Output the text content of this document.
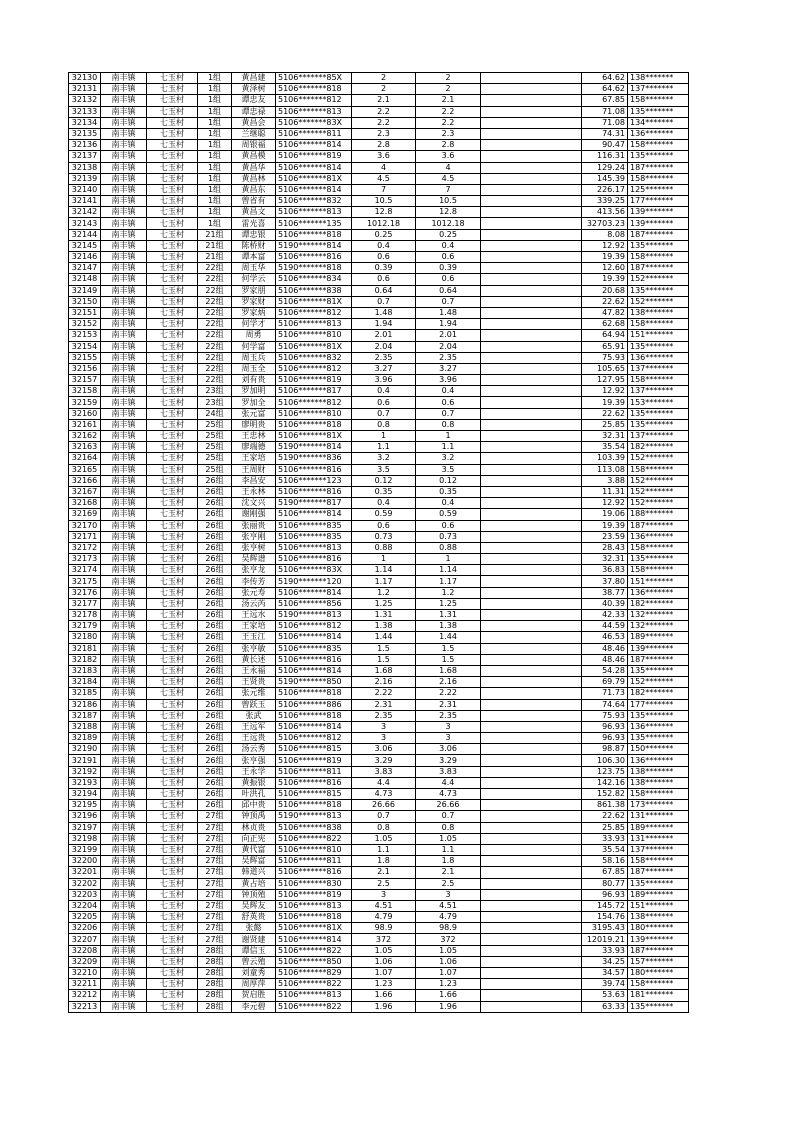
32130	南丰镇	七玉村	1组	黄昌建	5106*******85X	2	2		64.62	138*******
32131	南丰镇	七玉村	1组	黄泽树	5106*******818	2	2		64.62	137*******
32132	南丰镇	七玉村	1组	谭忠友	5106*******812	2.1	2.1		67.85	158*******
32133	南丰镇	七玉村	1组	谭忠禄	5106*******813	2.2	2.2		71.08	135*******
32134	南丰镇	七玉村	1组	黄昌会	5106*******83X	2.2	2.2		71.08	134*******
32135	南丰镇	七玉村	1组	兰继聪	5106*******811	2.3	2.3		74.31	136*******
32136	南丰镇	七玉村	1组	周银福	5106*******814	2.8	2.8		90.47	158*******
32137	南丰镇	七玉村	1组	黄昌模	5106*******819	3.6	3.6		116.31	135*******
32138	南丰镇	七玉村	1组	黄昌华	5106*******814	4	4		129.24	187*******
32139	南丰镇	七玉村	1组	黄昌林	5106*******81X	4.5	4.5		145.39	158*******
32140	南丰镇	七玉村	1组	黄昌东	5106*******814	7	7		226.17	125*******
32141	南丰镇	七玉村	1组	曾省有	5106*******832	10.5	10.5		339.25	177*******
32142	南丰镇	七玉村	1组	黄昌文	5106*******813	12.8	12.8		413.56	139*******
32143	南丰镇	七玉村	1组	雷光喜	5106*******135	1012.18	1012.18		32703.23	139*******
32144	南丰镇	七玉村	21组	谭忠银	5106*******818	0.25	0.25		8.08	187*******
32145	南丰镇	七玉村	21组	陈桥财	5190*******814	0.4	0.4		12.92	135*******
32146	南丰镇	七玉村	21组	谭本富	5106*******816	0.6	0.6		19.39	158*******
32147	南丰镇	七玉村	22组	周玉华	5190*******818	0.39	0.39		12.60	187*******
32148	南丰镇	七玉村	22组	何学云	5106*******834	0.6	0.6		19.39	152*******
32149	南丰镇	七玉村	22组	罗家朋	5106*******838	0.64	0.64		20.68	135*******
32150	南丰镇	七玉村	22组	罗家财	5106*******81X	0.7	0.7		22.62	152*******
32151	南丰镇	七玉村	22组	罗家炳	5106*******812	1.48	1.48		47.82	138*******
32152	南丰镇	七玉村	22组	何学才	5106*******813	1.94	1.94		62.68	158*******
32153	南丰镇	七玉村	22组	周勇	5106*******810	2.01	2.01		64.94	151*******
32154	南丰镇	七玉村	22组	何学富	5106*******81X	2.04	2.04		65.91	135*******
32155	南丰镇	七玉村	22组	周玉兵	5106*******832	2.35	2.35		75.93	136*******
32156	南丰镇	七玉村	22组	周玉全	5106*******812	3.27	3.27		105.65	137*******
32157	南丰镇	七玉村	22组	刘有贵	5106*******819	3.96	3.96		127.95	158*******
32158	南丰镇	七玉村	23组	罗加明	5106*******817	0.4	0.4		12.92	137*******
32159	南丰镇	七玉村	23组	罗加全	5106*******812	0.6	0.6		19.39	153*******
32160	南丰镇	七玉村	24组	张元富	5106*******810	0.7	0.7		22.62	135*******
32161	南丰镇	七玉村	25组	廖明贵	5106*******818	0.8	0.8		25.85	135*******
32162	南丰镇	七玉村	25组	王忠林	5106*******81X	1	1		32.31	137*******
32163	南丰镇	七玉村	25组	廖端德	5190*******814	1.1	1.1		35.54	182*******
32164	南丰镇	七玉村	25组	王家培	5190*******836	3.2	3.2		103.39	152*******
32165	南丰镇	七玉村	25组	王周财	5106*******816	3.5	3.5		113.08	158*******
32166	南丰镇	七玉村	26组	李昌安	5106*******123	0.12	0.12		3.88	152*******
32167	南丰镇	七玉村	26组	王永林	5106*******816	0.35	0.35		11.31	152*******
32168	南丰镇	七玉村	26组	沈文兴	5190*******817	0.4	0.4		12.92	152*******
32169	南丰镇	七玉村	26组	谢刚强	5106*******814	0.59	0.59		19.06	188*******
32170	南丰镇	七玉村	26组	张丽贵	5106*******835	0.6	0.6		19.39	187*******
32171	南丰镇	七玉村	26组	张亨刚	5106*******835	0.73	0.73		23.59	136*******
32172	南丰镇	七玉村	26组	张亨树	5106*******813	0.88	0.88		28.43	158*******
32173	南丰镇	七玉村	26组	吴辉谱	5106*******816	1	1		32.31	135*******
32174	南丰镇	七玉村	26组	张亨龙	5106*******83X	1.14	1.14		36.83	158*******
32175	南丰镇	七玉村	26组	李传芳	5190*******120	1.17	1.17		37.80	151*******
32176	南丰镇	七玉村	26组	张元寿	5106*******814	1.2	1.2		38.77	136*******
32177	南丰镇	七玉村	26组	汤云芮	5106*******856	1.25	1.25		40.39	182*******
32178	南丰镇	七玉村	26组	王远水	5190*******813	1.31	1.31		42.33	132*******
32179	南丰镇	七玉村	26组	王家培	5106*******812	1.38	1.38		44.59	132*******
32180	南丰镇	七玉村	26组	王玉江	5106*******814	1.44	1.44		46.53	189*******
32181	南丰镇	七玉村	26组	张亨敏	5106*******835	1.5	1.5		48.46	139*******
32182	南丰镇	七玉村	26组	黄长述	5106*******816	1.5	1.5		48.46	187*******
32183	南丰镇	七玉村	26组	王永福	5106*******814	1.68	1.68		54.28	135*******
32184	南丰镇	七玉村	26组	王贤贵	5190*******850	2.16	2.16		69.79	152*******
32185	南丰镇	七玉村	26组	张元维	5106*******818	2.22	2.22		71.73	182*******
32186	南丰镇	七玉村	26组	曾跃玉	5106*******886	2.31	2.31		74.64	177*******
32187	南丰镇	七玉村	26组	张武	5106*******818	2.35	2.35		75.93	135*******
32188	南丰镇	七玉村	26组	王远军	5106*******814	3	3		96.93	136*******
32189	南丰镇	七玉村	26组	王远贵	5106*******812	3	3		96.93	135*******
32190	南丰镇	七玉村	26组	汤云秀	5106*******815	3.06	3.06		98.87	150*******
32191	南丰镇	七玉村	26组	张亨强	5106*******819	3.29	3.29		106.30	136*******
32192	南丰镇	七玉村	26组	王永学	5106*******811	3.83	3.83		123.75	138*******
32193	南丰镇	七玉村	26组	黄振银	5106*******816	4.4	4.4		142.16	138*******
32194	南丰镇	七玉村	26组	叶洪孔	5106*******815	4.73	4.73		152.82	158*******
32195	南丰镇	七玉村	26组	邱中贵	5106*******818	26.66	26.66		861.38	173*******
32196	南丰镇	七玉村	27组	钟顶禹	5190*******813	0.7	0.7		22.62	131*******
32197	南丰镇	七玉村	27组	林贞贵	5106*******838	0.8	0.8		25.85	189*******
32198	南丰镇	七玉村	27组	向正宪	5106*******822	1.05	1.05		33.93	131*******
32199	南丰镇	七玉村	27组	黄代富	5106*******810	1.1	1.1		35.54	137*******
32200	南丰镇	七玉村	27组	吴辉富	5106*******811	1.8	1.8		58.16	158*******
32201	南丰镇	七玉村	27组	韩道兴	5106*******816	2.1	2.1		67.85	187*******
32202	南丰镇	七玉村	27组	黄占培	5106*******830	2.5	2.5		80.77	135*******
32203	南丰镇	七玉村	27组	钟顶殖	5106*******819	3	3		96.93	189*******
32204	南丰镇	七玉村	27组	吴辉友	5106*******813	4.51	4.51		145.72	151*******
32205	南丰镇	七玉村	27组	舒英贵	5106*******818	4.79	4.79		154.76	138*******
32206	南丰镇	七玉村	27组	张懿	5106*******81X	98.9	98.9		3195.43	180*******
32207	南丰镇	七玉村	27组	谢贤建	5106*******814	372	372		12019.21	139*******
32208	南丰镇	七玉村	28组	谭信玉	5106*******822	1.05	1.05		33.93	187*******
32209	南丰镇	七玉村	28组	曾云殖	5106*******850	1.06	1.06		34.25	157*******
32210	南丰镇	七玉村	28组	刘童秀	5106*******829	1.07	1.07		34.57	180*******
32211	南丰镇	七玉村	28组	周厚萍	5106*******822	1.23	1.23		39.74	158*******
32212	南丰镇	七玉村	28组	贺启胜	5106*******813	1.66	1.66		53.63	181*******
32213	南丰镇	七玉村	28组	李元碧	5106*******822	1.96	1.96		63.33	135*******
